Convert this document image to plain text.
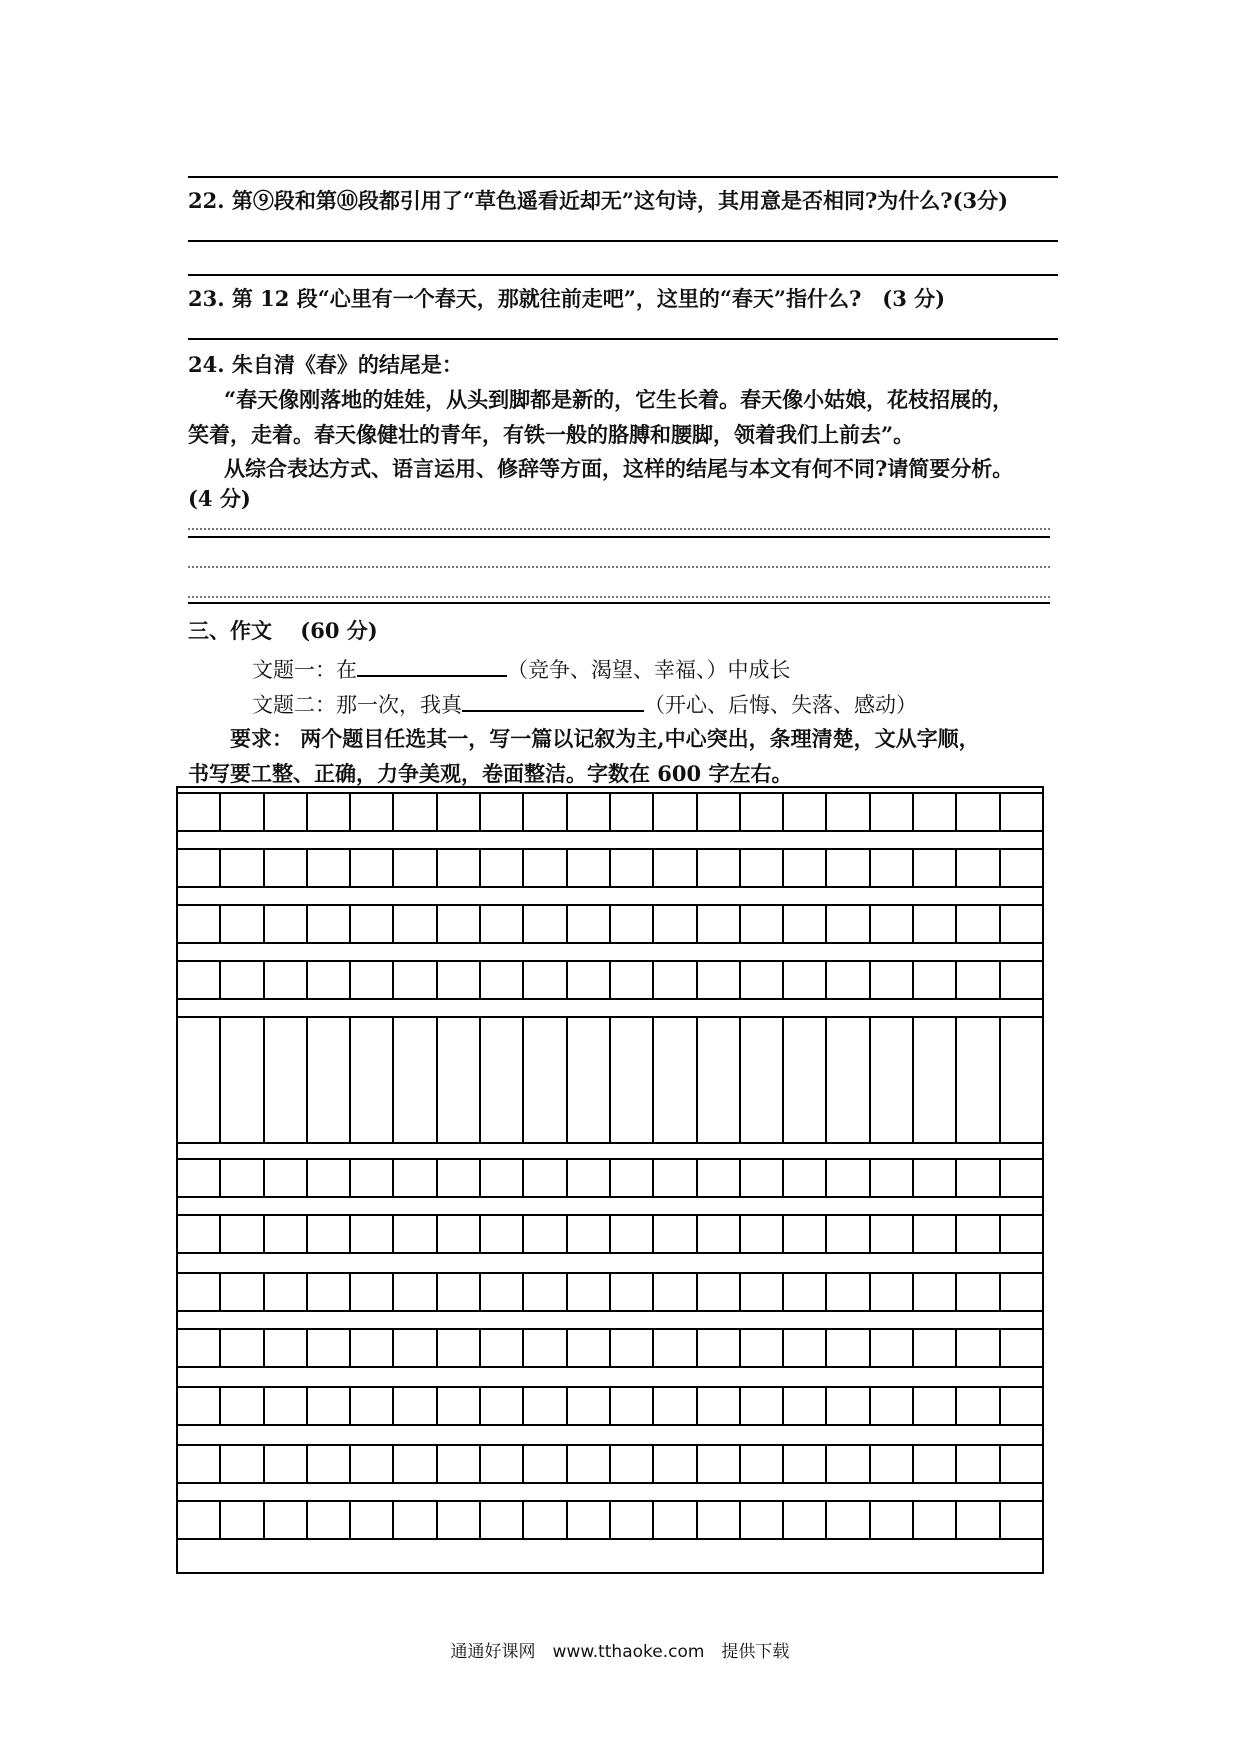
22. 第⑨段和第⑩段都引用了“草色遥看近却无”这句诗，其用意是否相同?为什么?(3分)
23. 第 12 段“心里有一个春天，那就往前走吧”，这里的“春天”指什么?　(3 分)
24. 朱自清《春》的结尾是：
“春天像刚落地的娃娃，从头到脚都是新的，它生长着。春天像小姑娘，花枝招展的，
笑着，走着。春天像健壮的青年，有铁一般的胳膊和腰脚，领着我们上前去”。
从综合表达方式、语言运用、修辞等方面，这样的结尾与本文有何不同?请简要分析。
(4 分)
三、作文　 (60 分)
文题一：在	（竞争、渴望、幸福、）中成长
文题二：那一次，我真	（开心、后悔、失落、感动）
要求： 两个题目任选其一，写一篇以记叙为主,中心突出，条理清楚，文从字顺，
书写要工整、正确，力争美观，卷面整洁。字数在 600 字左右。
通通好课网　www.tthaoke.com　提供下载
